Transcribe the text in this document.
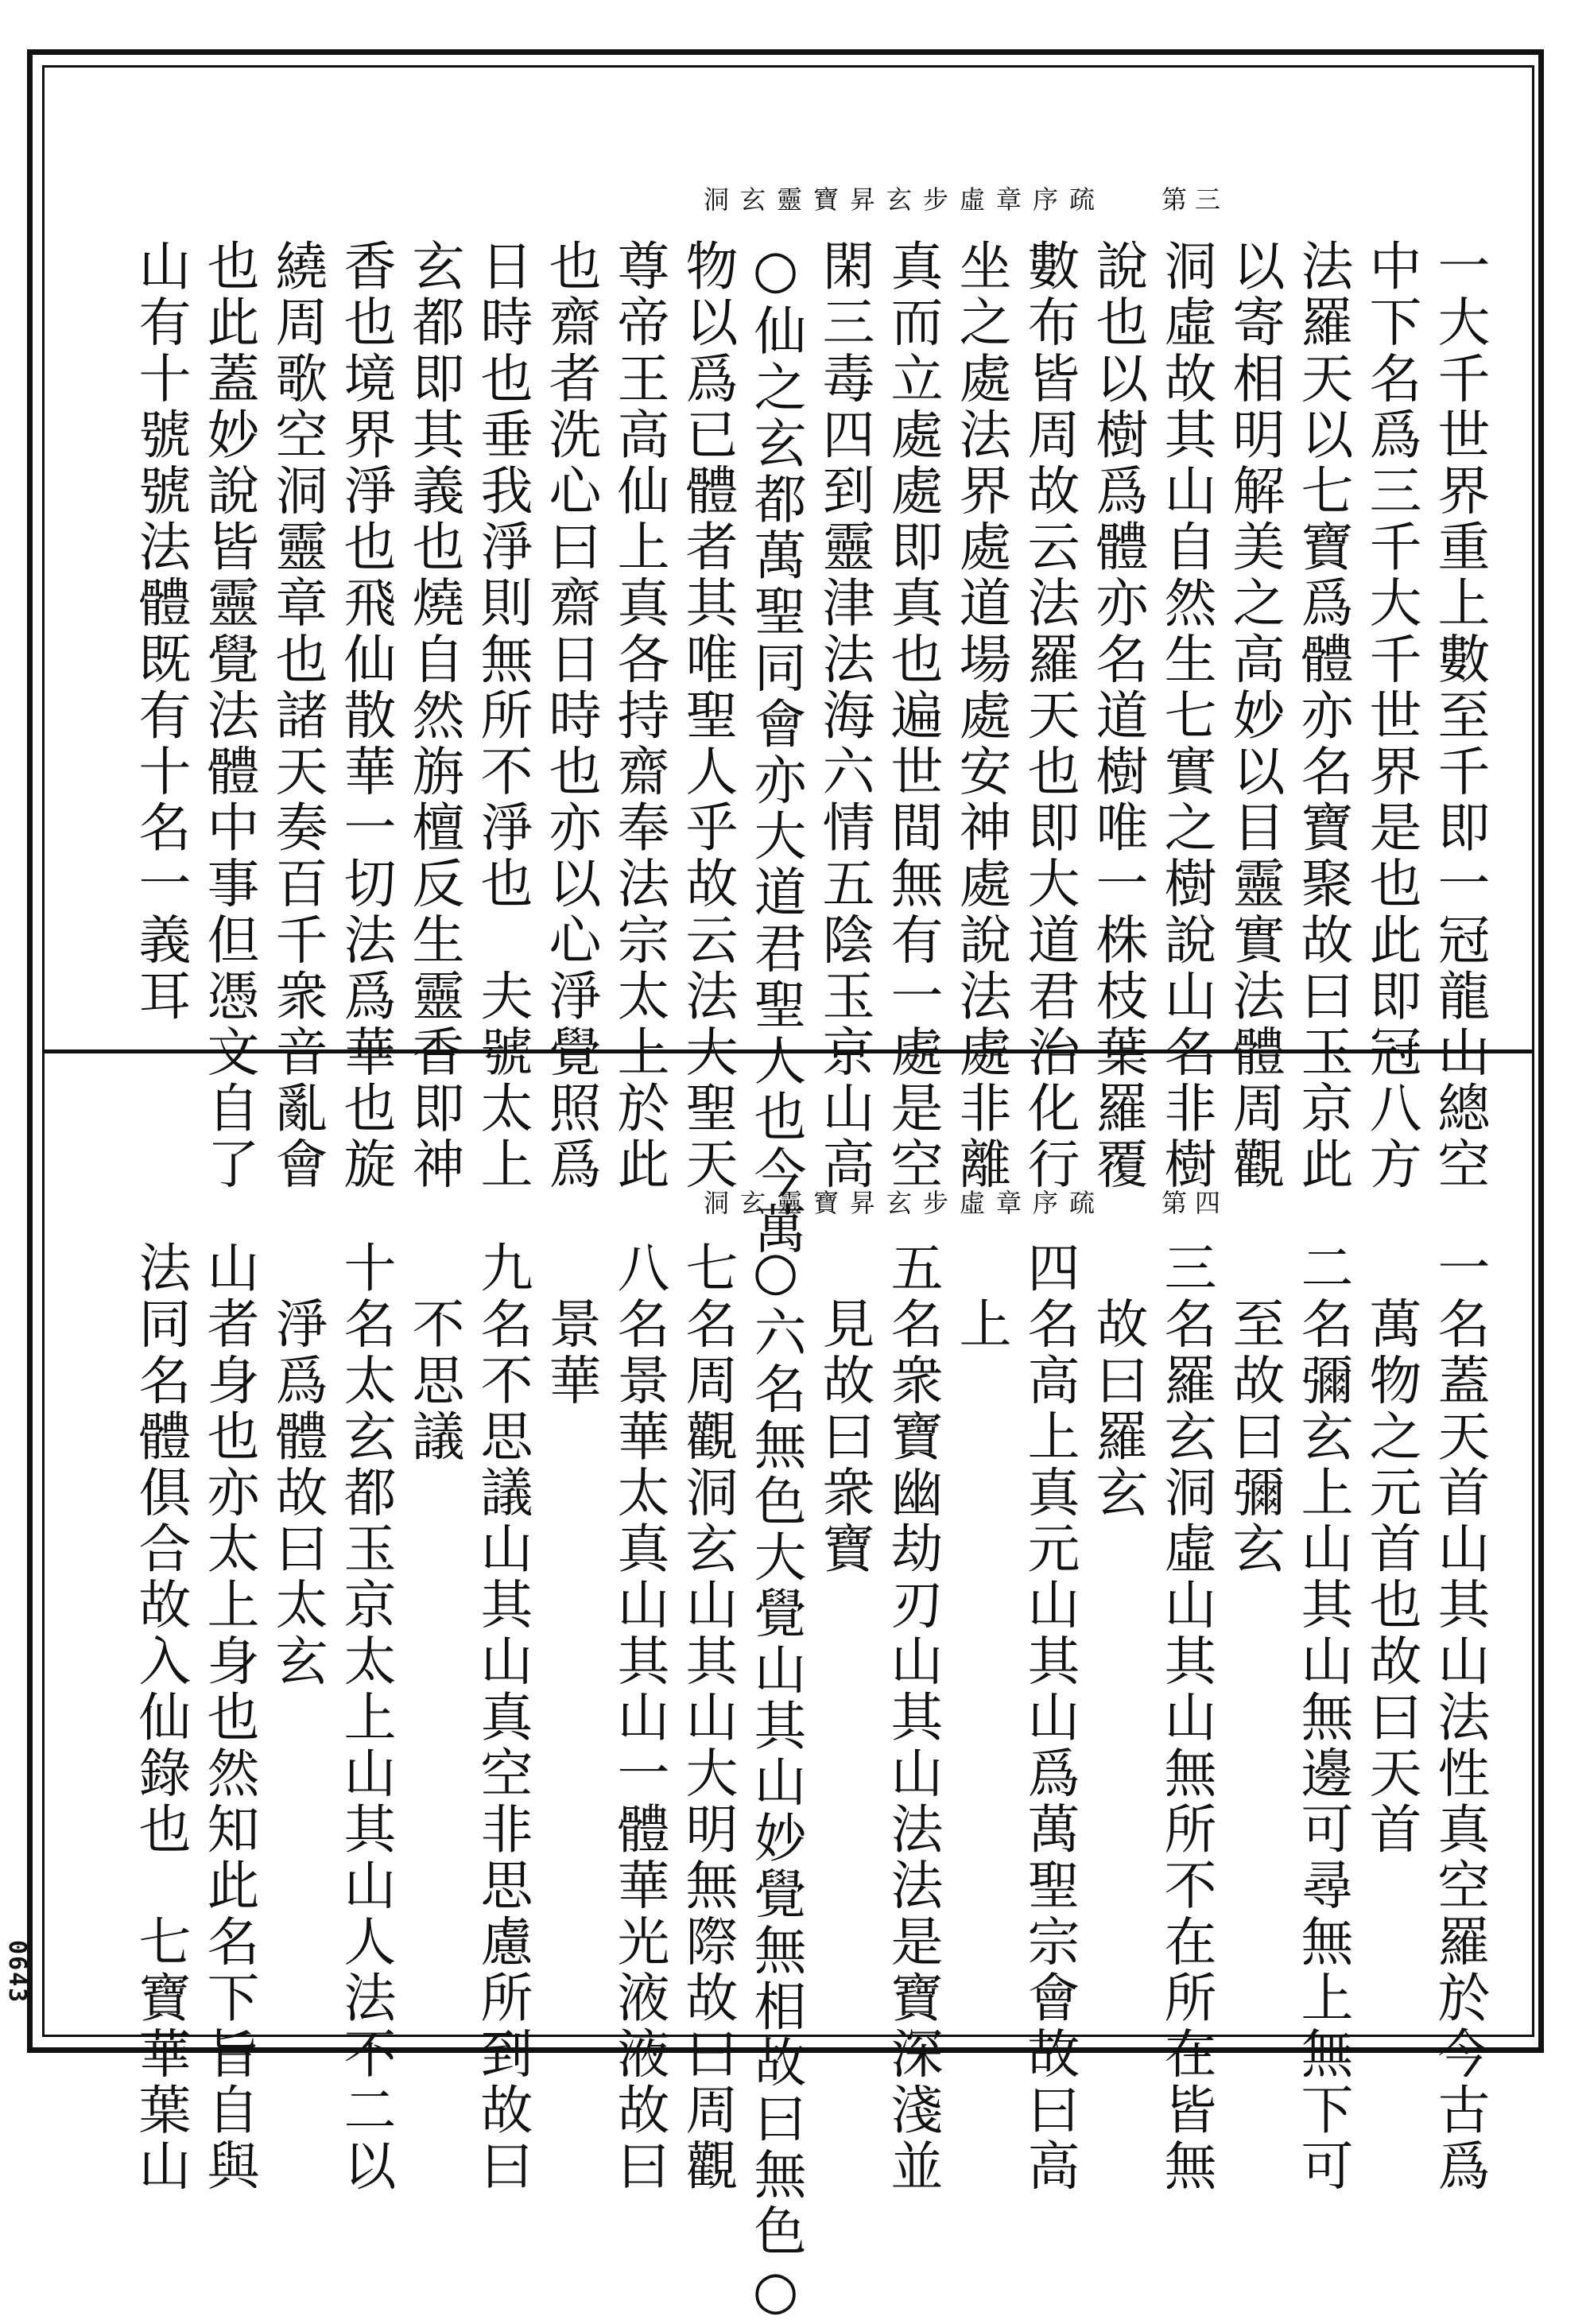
洞玄靈寶昇玄步虛章序疏 第三
一大千世界重上數至千即一冠龍山總空
中下名爲三千大千世界是也此即冠八方
法羅天以七寶爲體亦名寶聚故曰玉京此
以寄相明解美之高妙以目靈實法體周觀
洞虛故其山自然生七實之樹說山名非樹
說也以樹爲體亦名道樹唯一株枝葉羅覆
數布皆周故云法羅天也即大道君治化行
坐之處法界處道場處安神處說法處非離
真而立處處即真也遍世間無有一處是空
閑三毒四到靈津法海六情五陰玉京山高
○仙之玄都萬聖同會亦大道君聖人也今萬
物以爲已體者其唯聖人乎故云法大聖天
尊帝王高仙上真各持齋奉法宗太上於此
也齋者洗心曰齋日時也亦以心淨覺照爲
日時也垂我淨則無所不淨也　夫號太上
玄都即其義也燒自然旃檀反生靈香即神
香也境界淨也飛仙散華一切法爲華也旋
繞周歌空洞靈章也諸天奏百千衆音亂會
也此蓋妙說皆靈覺法體中事但憑文自了
山有十號號法體既有十名一義耳
洞玄靈寶昇玄步虛章序疏 第四
一名蓋天首山其山法性真空羅於今古爲
　萬物之元首也故曰天首
二名彌玄上山其山無邊可尋無上無下可
　至故曰彌玄
三名羅玄洞虛山其山無所不在所在皆無
　故曰羅玄
四名高上真元山其山爲萬聖宗會故曰高
　上
五名衆寶幽劫刃山其山法法是寶深淺並
　見故曰衆寶
○六名無色大覺山其山妙覺無相故曰無色○
七名周觀洞玄山其山大明無際故曰周觀
八名景華太真山其山一體華光液液故曰
　景華
九名不思議山其山真空非思慮所到故曰
　不思議
十名太玄都玉京太上山其山人法不二以
　淨爲體故曰太玄
山者身也亦太上身也然知此名下旨自與
法同名體俱合故入仙錄也　七寶華葉山
0643
